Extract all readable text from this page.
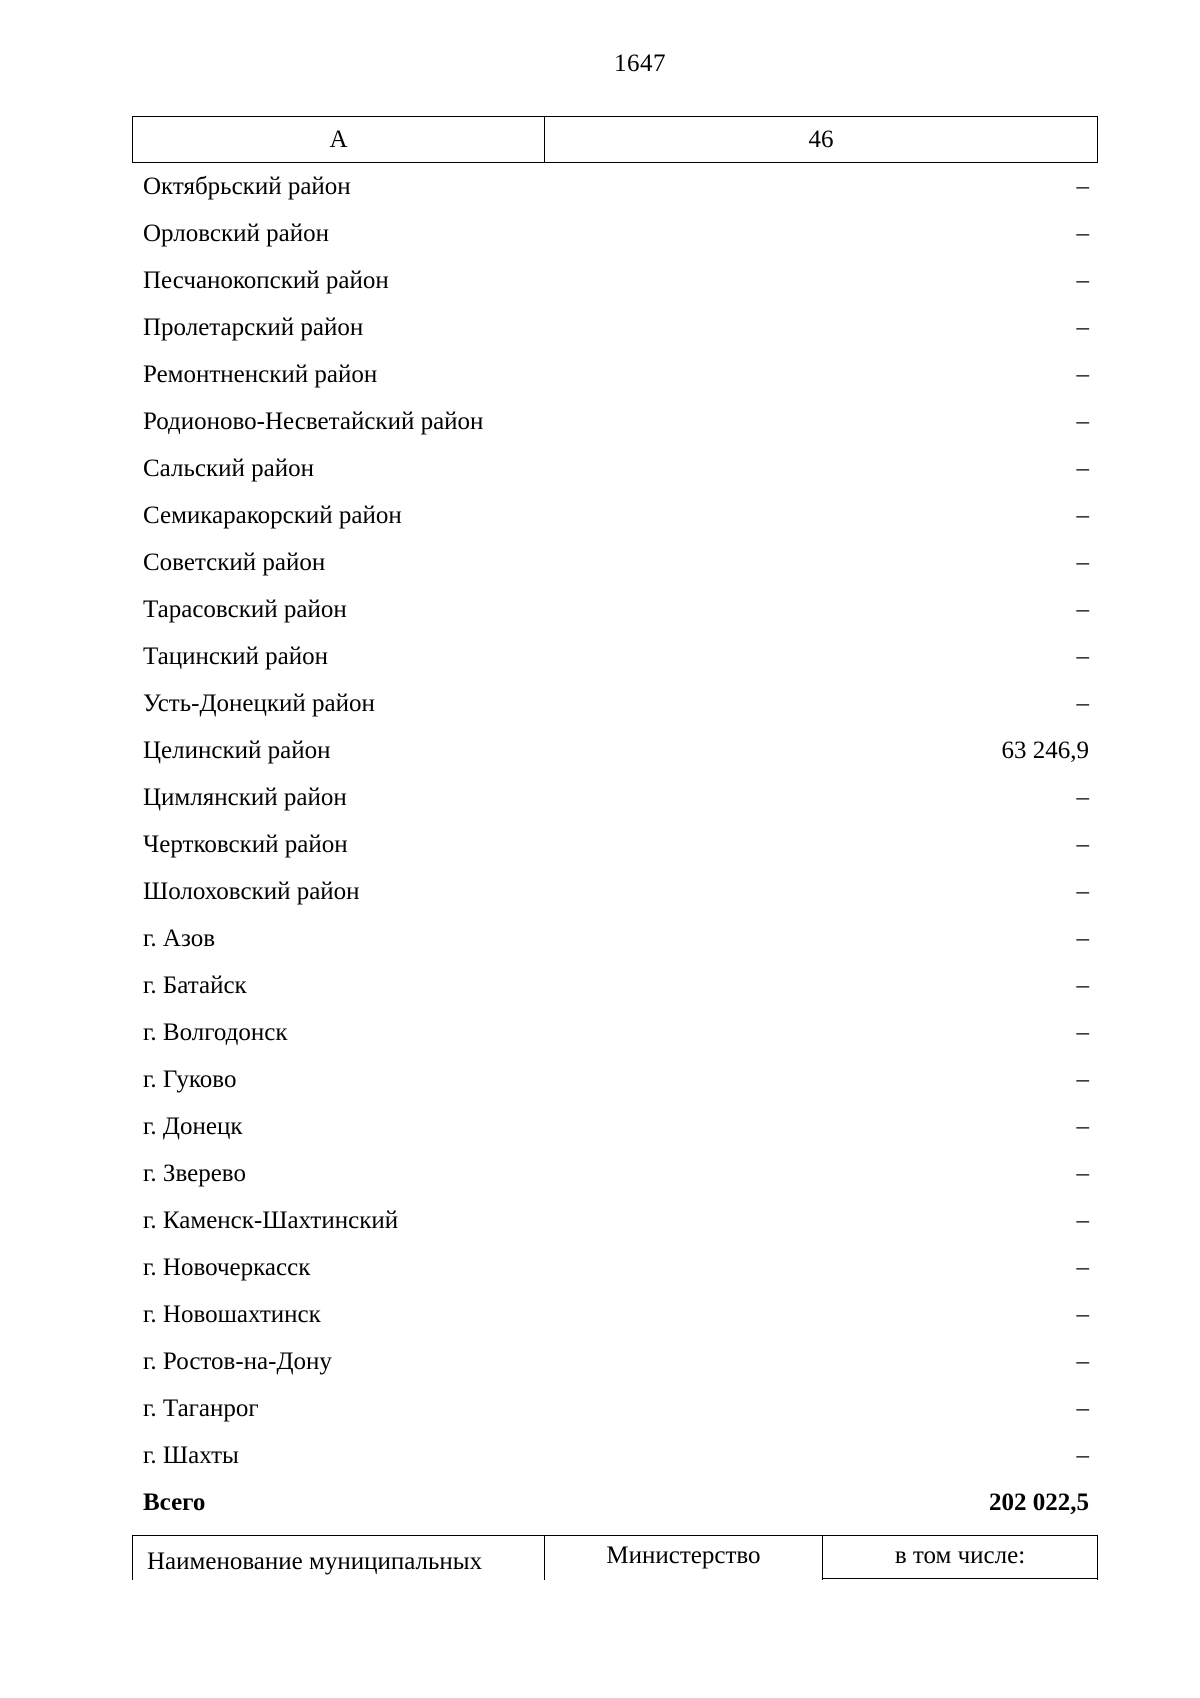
1647
А	46
Октябрьский район	–
Орловский район	–
Песчанокопский район	–
Пролетарский район	–
Ремонтненский район	–
Родионово-Несветайский район	–
Сальский район	–
Семикаракорский район	–
Советский район	–
Тарасовский район	–
Тацинский район	–
Усть-Донецкий район	–
Целинский район	63 246,9
Цимлянский район	–
Чертковский район	–
Шолоховский район	–
г. Азов	–
г. Батайск	–
г. Волгодонск	–
г. Гуково	–
г. Донецк	–
г. Зверево	–
г. Каменск-Шахтинский	–
г. Новочеркасск	–
г. Новошахтинск	–
г. Ростов-на-Дону	–
г. Таганрог	–
г. Шахты	–
Всего	202 022,5
Наименование муниципальных	Министерство	в том числе:
